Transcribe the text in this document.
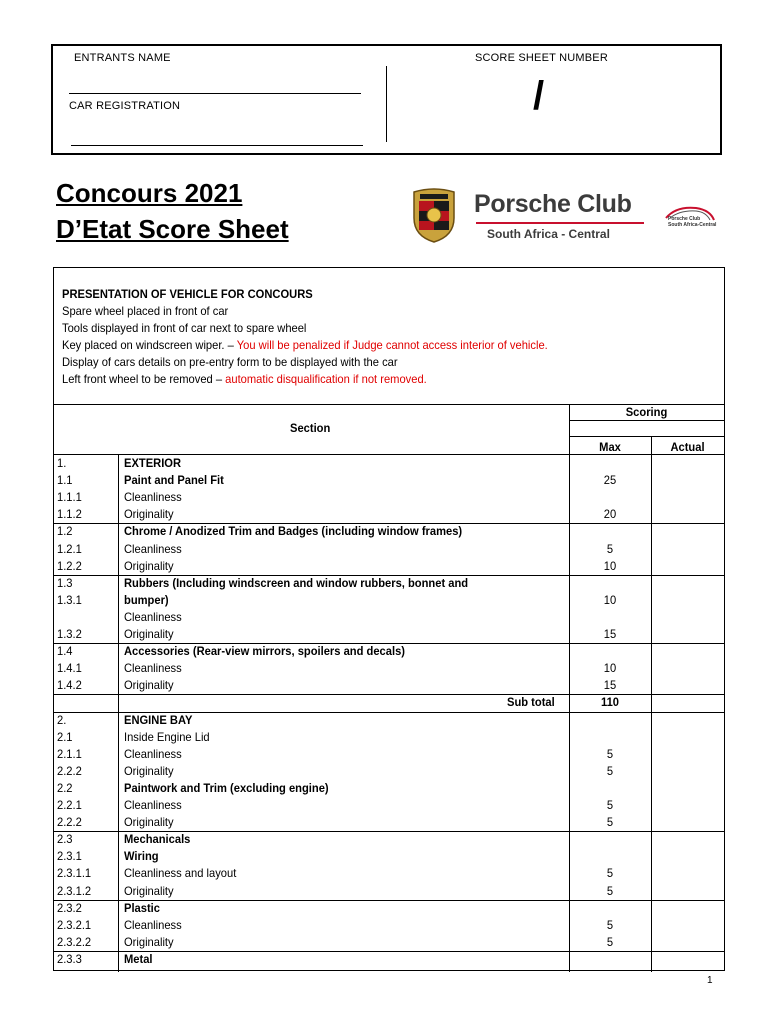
ENTRANTS NAME
CAR REGISTRATION
SCORE SHEET NUMBER
/
Concours 2021
D’Etat Score Sheet
Porsche Club
South Africa - Central
Porsche Club
South Africa-Central
PRESENTATION OF VEHICLE FOR CONCOURS
Spare wheel placed in front of car
Tools displayed in front of car next to spare wheel
Key placed on windscreen wiper. – You will be penalized if Judge cannot access interior of vehicle.
Display of cars details on pre-entry form to be displayed with the car
Left front wheel to be removed – automatic disqualification if not removed.
Section
Scoring
Max	Actual
1.	EXTERIOR
1.1	Paint and Panel Fit	25
1.1.1	Cleanliness
1.1.2	Originality	20
1.2	Chrome / Anodized Trim and Badges (including window frames)
1.2.1	Cleanliness	5
1.2.2	Originality	10
1.3	Rubbers (Including windscreen and window rubbers, bonnet and
1.3.1	bumper)	10
Cleanliness
1.3.2	Originality	15
1.4	Accessories (Rear-view mirrors, spoilers and decals)
1.4.1	Cleanliness	10
1.4.2	Originality	15
Sub total	110
2.	ENGINE BAY
2.1	Inside Engine Lid
2.1.1	Cleanliness	5
2.2.2	Originality	5
2.2	Paintwork and Trim (excluding engine)
2.2.1	Cleanliness	5
2.2.2	Originality	5
2.3	Mechanicals
2.3.1	Wiring
2.3.1.1	Cleanliness and layout	5
2.3.1.2	Originality	5
2.3.2	Plastic
2.3.2.1	Cleanliness	5
2.3.2.2	Originality	5
2.3.3	Metal
1
